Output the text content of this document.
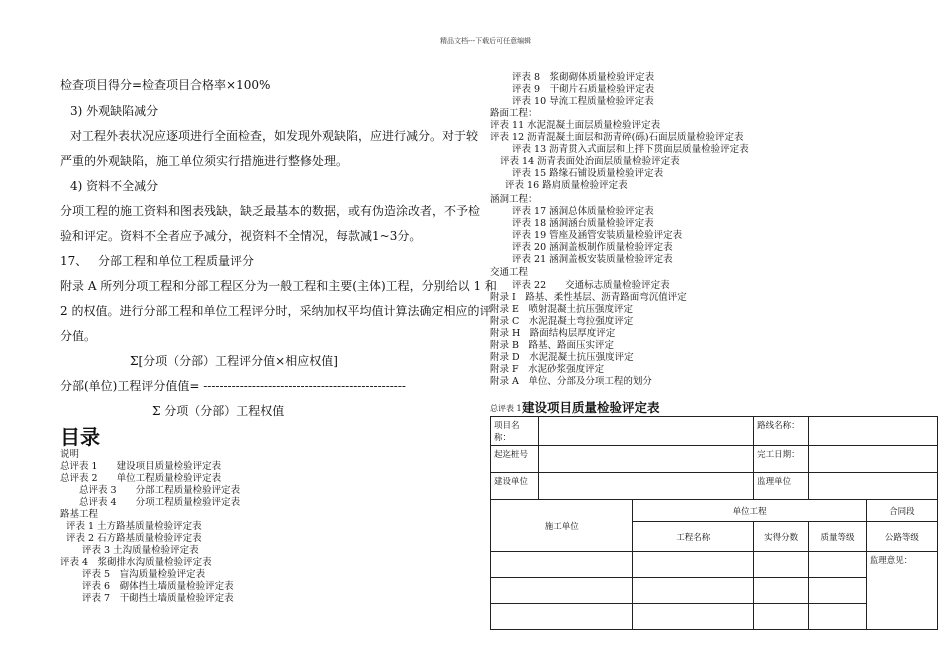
精品文档---下载后可任意编辑
检查项目得分=检查项目合格率×100%
3) 外观缺陷减分
对工程外表状况应逐项进行全面检查，如发现外观缺陷，应进行减分。对于较
严重的外观缺陷，施工单位须实行措施进行整修处理。
4) 资料不全减分
分项工程的施工资料和图表残缺，缺乏最基本的数据，或有伪造涂改者，不予检
验和评定。资料不全者应予减分，视资料不全情况，每款减1~3分。
17、 分部工程和单位工程质量评分
附录 A 所列分项工程和分部工程区分为一般工程和主要(主体)工程，分别给以 1 和
2 的权值。进行分部工程和单位工程评分时，采纳加权平均值计算法确定相应的评
分值。
Σ[分项（分部）工程评分值×相应权值]
分部(单位)工程评分值值= --------------------------------------------------
Σ 分项（分部）工程权值
目录
说明
总评表 1　　建设项目质量检验评定表
总评表 2　　单位工程质量检验评定表
总评表 3　　分部工程质量检验评定表
总评表 4　　分项工程质量检验评定表
路基工程
评表 1 土方路基质量检验评定表
评表 2 石方路基质量检验评定表
评表 3 土沟质量检验评定表
评表 4　浆砌排水沟质量检验评定表
评表 5　盲沟质量检验评定表
评表 6　砌体挡土墙质量检验评定表
评表 7　干砌挡土墙质量检验评定表
评表 8　浆砌砌体质量检验评定表
评表 9　干砌片石质量检验评定表
评表 10 导流工程质量检验评定表
路面工程：
评表 11 水泥混凝土面层质量检验评定表
评表 12 沥青混凝土面层和沥青碎(砾)石面层质量检验评定表
评表 13 沥青贯入式面层和上拌下贯面层质量检验评定表
评表 14 沥青表面处治面层质量检验评定表
评表 15 路缘石铺设质量检验评定表
评表 16 路肩质量检验评定表
涵洞工程：
评表 17 涵洞总体质量检验评定表
评表 18 涵洞涵台质量检验评定表
评表 19 管座及涵管安装质量检验评定表
评表 20 涵洞盖板制作质量检验评定表
评表 21 涵洞盖板安装质量检验评定表
交通工程
评表 22　　交通标志质量检验评定表
附录 I　路基、柔性基层、沥青路面弯沉值评定
附录 E　喷射混凝土抗压强度评定
附录 C　水泥混凝土弯拉强度评定
附录 H　路面结构层厚度评定
附录 B　路基、路面压实评定
附录 D　水泥混凝土抗压强度评定
附录 F　水泥砂浆强度评定
附录 A　单位、分部及分项工程的划分
总评表 1 建设项目质量检验评定表
项目名称：			路线名称：		
起迄桩号			完工日期：		
建设单位			监理单位		
施工单位		单位工程			合同段
		工程名称	实得分数	质量等级	公路等级
					监理意见：
